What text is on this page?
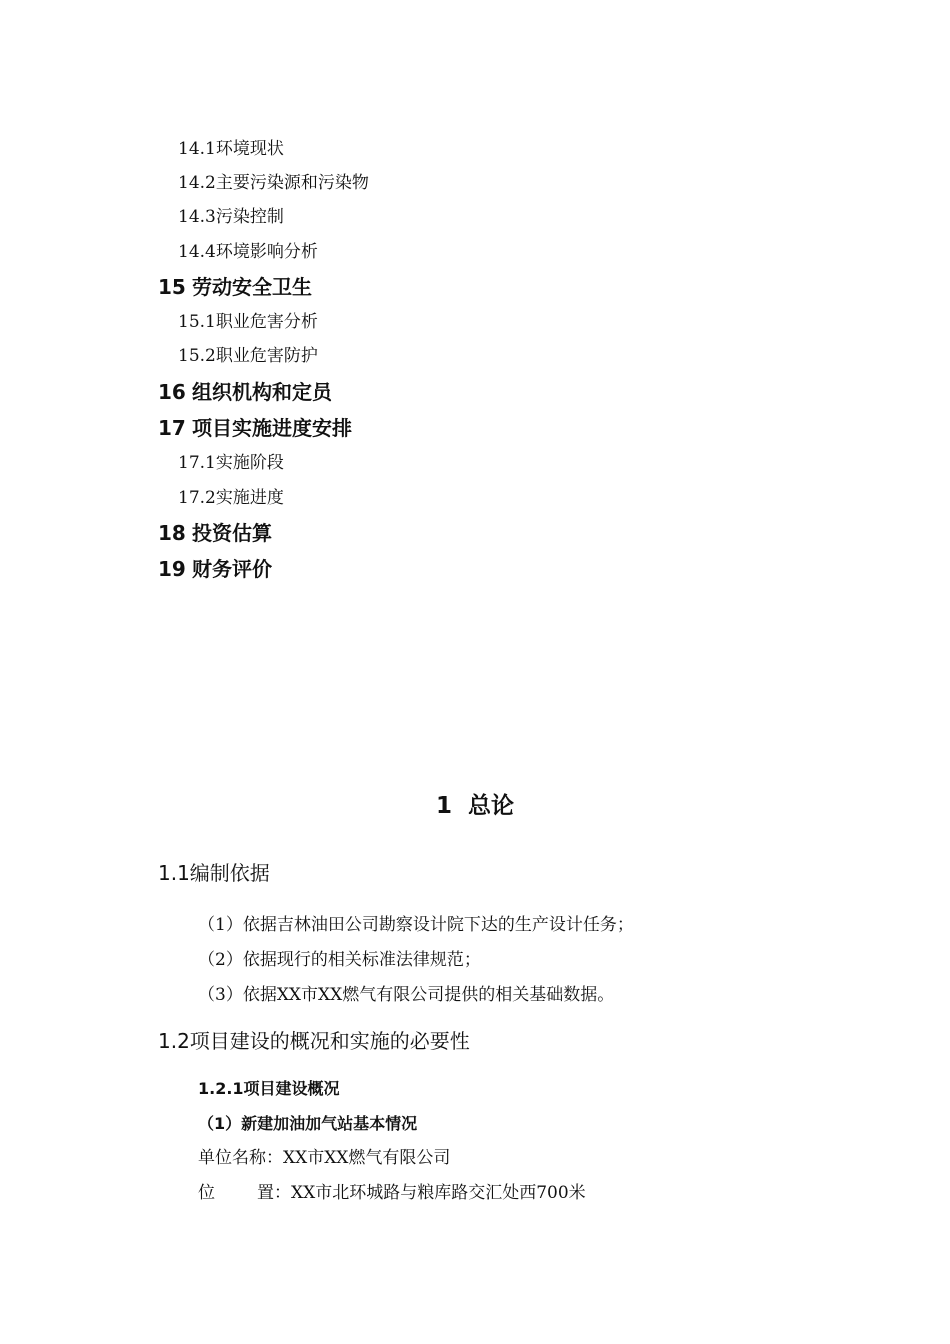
14.1环境现状
14.2主要污染源和污染物
14.3污染控制
14.4环境影响分析
15 劳动安全卫生
15.1职业危害分析
15.2职业危害防护
16 组织机构和定员
17 项目实施进度安排
17.1实施阶段
17.2实施进度
18 投资估算
19 财务评价
1 总论
1.1编制依据
（1）依据吉林油田公司勘察设计院下达的生产设计任务；
（2）依据现行的相关标准法律规范；
（3）依据XX市XX燃气有限公司提供的相关基础数据。
1.2项目建设的概况和实施的必要性
1.2.1项目建设概况
（1）新建加油加气站基本情况
单位名称：XX市XX燃气有限公司
位 置：XX市北环城路与粮库路交汇处西700米
